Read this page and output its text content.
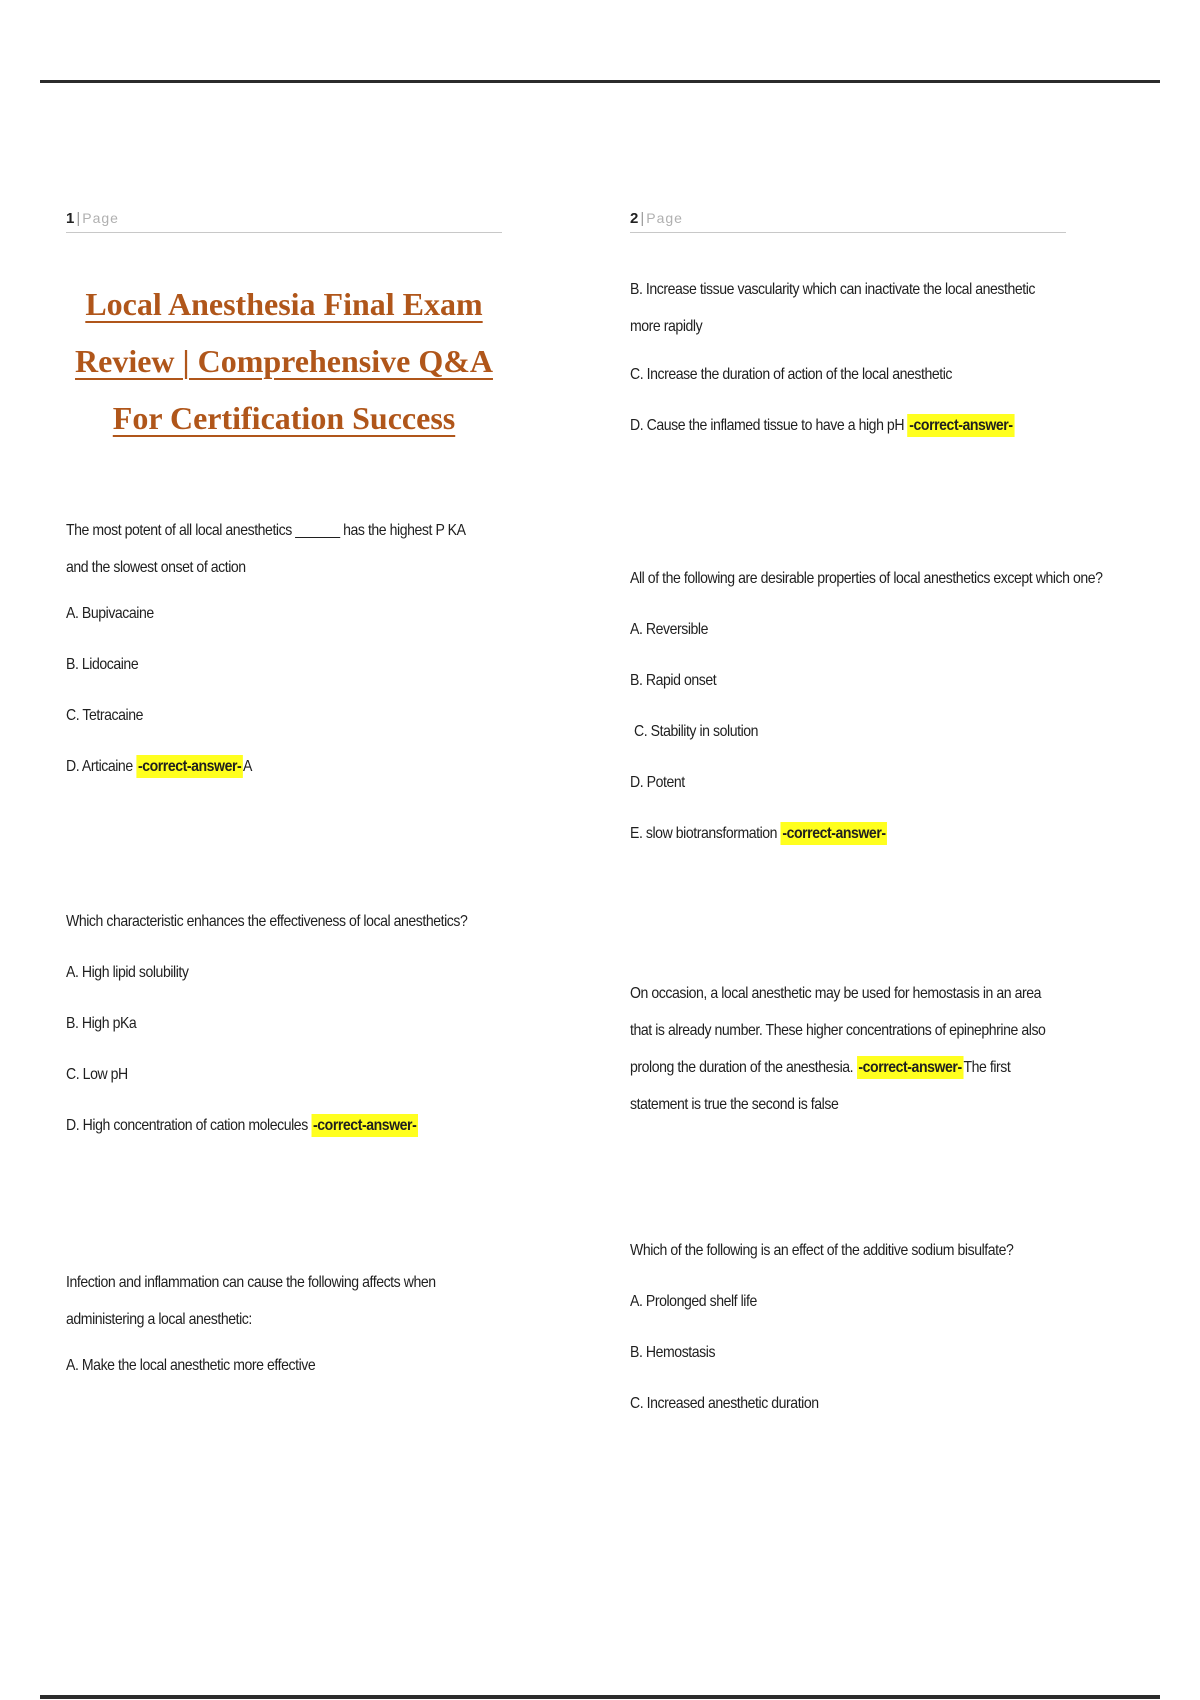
1 | Page	2 | Page
Local Anesthesia Final Exam Review | Comprehensive Q&A For Certification Success
The most potent of all local anesthetics ______ has the highest P KA and the slowest onset of action
A. Bupivacaine
B. Lidocaine
C. Tetracaine
D. Articaine -correct-answer- A
Which characteristic enhances the effectiveness of local anesthetics?
A. High lipid solubility
B. High pKa
C. Low pH
D. High concentration of cation molecules -correct-answer-
Infection and inflammation can cause the following affects when administering a local anesthetic:
A. Make the local anesthetic more effective
B. Increase tissue vascularity which can inactivate the local anesthetic more rapidly
C. Increase the duration of action of the local anesthetic
D. Cause the inflamed tissue to have a high pH -correct-answer-
All of the following are desirable properties of local anesthetics except which one?
A. Reversible
B. Rapid onset
C. Stability in solution
D. Potent
E. slow biotransformation -correct-answer-
On occasion, a local anesthetic may be used for hemostasis in an area that is already number. These higher concentrations of epinephrine also prolong the duration of the anesthesia. -correct-answer- The first statement is true the second is false
Which of the following is an effect of the additive sodium bisulfate?
A. Prolonged shelf life
B. Hemostasis
C. Increased anesthetic duration
